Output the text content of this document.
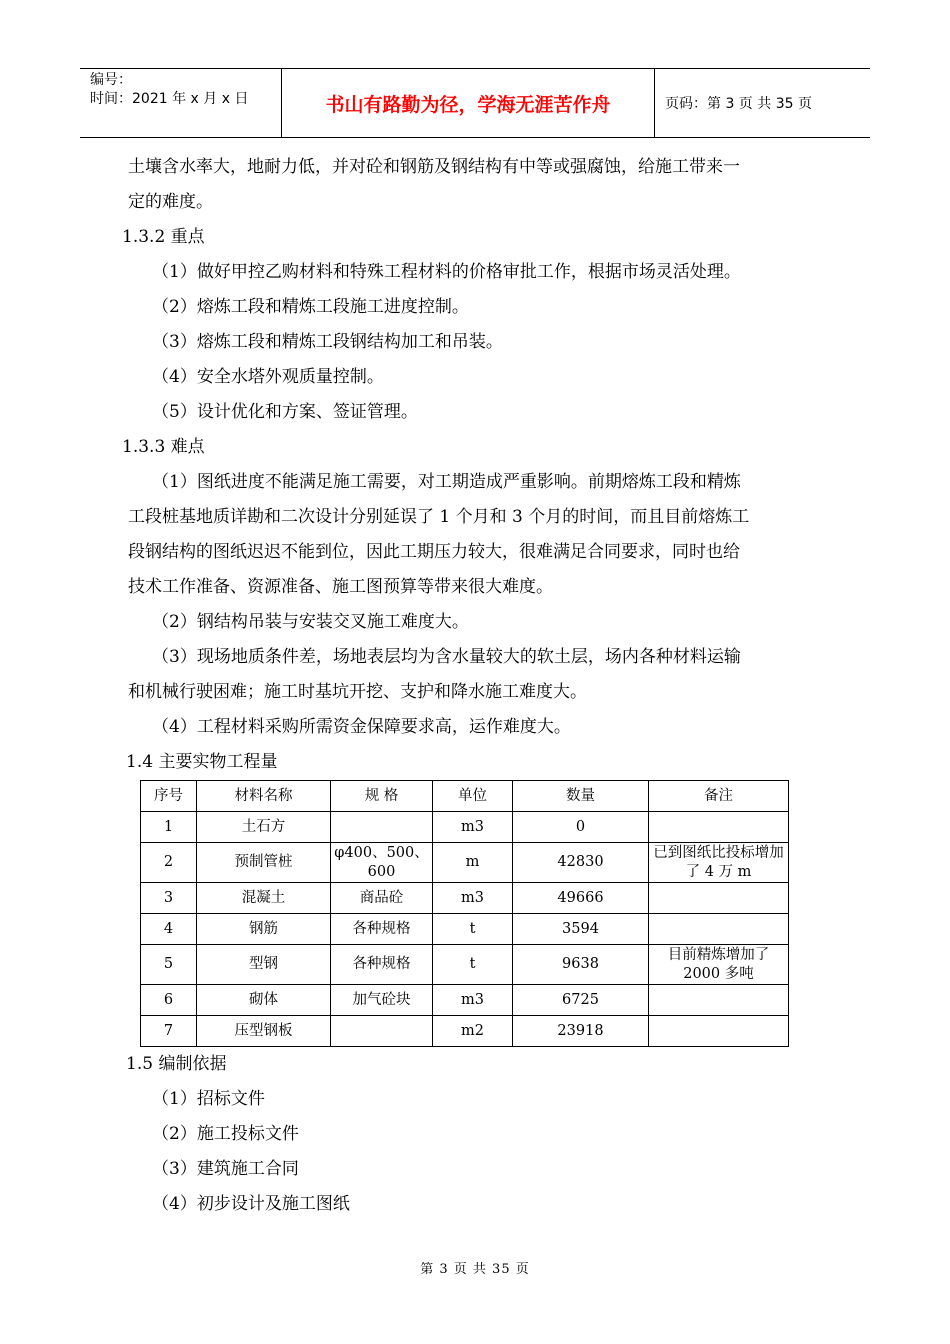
编号：
时间：2021 年 x 月 x 日	书山有路勤为径，学海无涯苦作舟	页码：第 3 页 共 35 页

土壤含水率大，地耐力低，并对砼和钢筋及钢结构有中等或强腐蚀，给施工带来一

定的难度。

1.3.2 重点

（1）做好甲控乙购材料和特殊工程材料的价格审批工作，根据市场灵活处理。

（2）熔炼工段和精炼工段施工进度控制。

（3）熔炼工段和精炼工段钢结构加工和吊装。

（4）安全水塔外观质量控制。

（5）设计优化和方案、签证管理。

1.3.3 难点

（1）图纸进度不能满足施工需要，对工期造成严重影响。前期熔炼工段和精炼

工段桩基地质详勘和二次设计分别延误了 1 个月和 3 个月的时间，而且目前熔炼工

段钢结构的图纸迟迟不能到位，因此工期压力较大，很难满足合同要求，同时也给

技术工作准备、资源准备、施工图预算等带来很大难度。

（2）钢结构吊装与安装交叉施工难度大。

（3）现场地质条件差，场地表层均为含水量较大的软土层，场内各种材料运输

和机械行驶困难；施工时基坑开挖、支护和降水施工难度大。

（4）工程材料采购所需资金保障要求高，运作难度大。

1.4 主要实物工程量

序号	材料名称	规 格	单位	数量	备注
1	土石方		m3	0	
2	预制管桩	φ400、500、600	m	42830	已到图纸比投标增加了 4 万 m
3	混凝土	商品砼	m3	49666	
4	钢筋	各种规格	t	3594	
5	型钢	各种规格	t	9638	目前精炼增加了 2000 多吨
6	砌体	加气砼块	m3	6725	
7	压型钢板		m2	23918	

1.5 编制依据

（1）招标文件

（2）施工投标文件

（3）建筑施工合同

（4）初步设计及施工图纸

第 3 页 共 35 页
